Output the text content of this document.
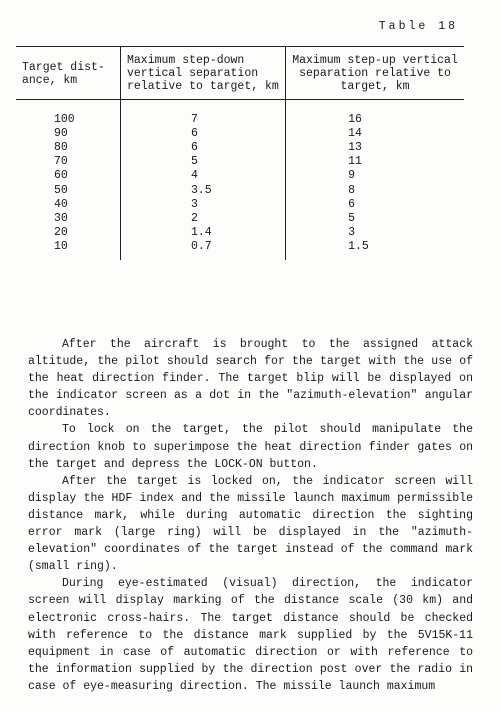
Table 18
Target dist-
ance, km	Maximum step-down
vertical separation
relative to target, km	Maximum step-up vertical
separation relative to
target, km
100	7	16
90	6	14
80	6	13
70	5	11
60	4	9
50	3.5	8
40	3	6
30	2	5
20	1.4	3
10	0.7	1.5

After the aircraft is brought to the assigned attack altitude, the pilot should search for the target with the use of the heat direction finder. The target blip will be displayed on the indicator screen as a dot in the "azimuth-elevation" angular coordinates.

To lock on the target, the pilot should manipulate the direction knob to superimpose the heat direction finder gates on the target and depress the LOCK-ON button.

After the target is locked on, the indicator screen will display the HDF index and the missile launch maximum permissible distance mark, while during automatic direction the sighting error mark (large ring) will be displayed in the "azimuth-elevation" coordinates of the target instead of the command mark (small ring).

During eye-estimated (visual) direction, the indicator screen will display marking of the distance scale (30 km) and electronic cross-hairs. The target distance should be checked with reference to the distance mark supplied by the 5V15K-11 equipment in case of automatic direction or with reference to the information supplied by the direction post over the radio in case of eye-measuring direction. The missile launch maximum
